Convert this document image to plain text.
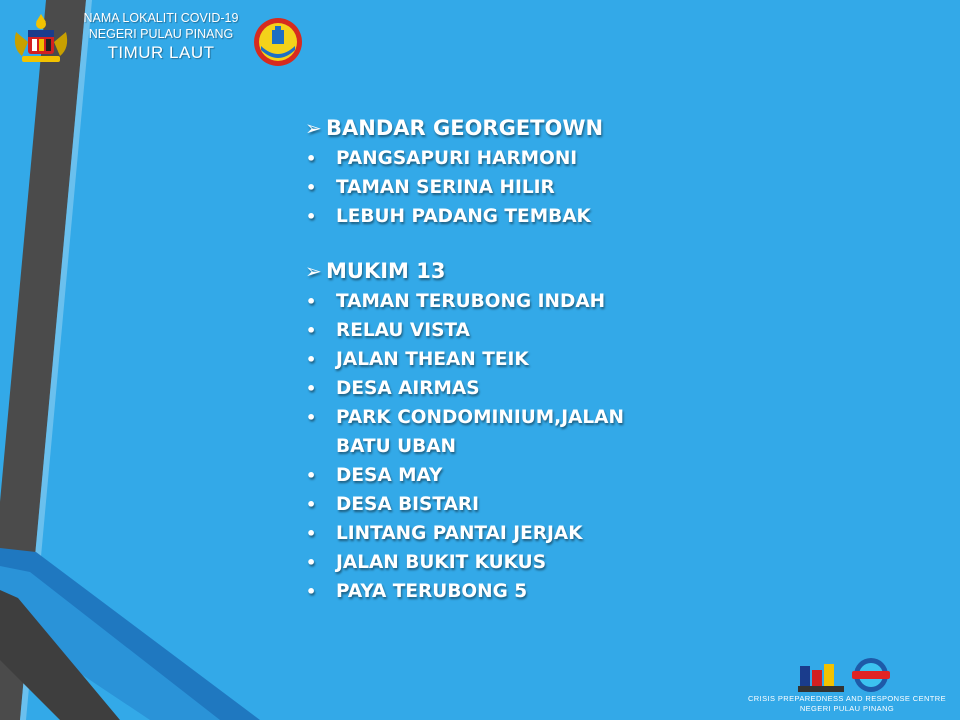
NAMA LOKALITI COVID-19
NEGERI PULAU PINANG
TIMUR LAUT
➢ BANDAR GEORGETOWN
•	PANGSAPURI HARMONI
•	TAMAN SERINA HILIR
•	LEBUH PADANG TEMBAK
➢ MUKIM 13
•	TAMAN TERUBONG INDAH
•	RELAU VISTA
•	JALAN THEAN TEIK
•	DESA AIRMAS
•	PARK CONDOMINIUM,JALAN BATU UBAN
•	DESA MAY
•	DESA BISTARI
•	LINTANG PANTAI JERJAK
•	JALAN BUKIT KUKUS
•	PAYA TERUBONG 5
CRISIS PREPAREDNESS AND RESPONSE CENTRE
NEGERI PULAU PINANG
